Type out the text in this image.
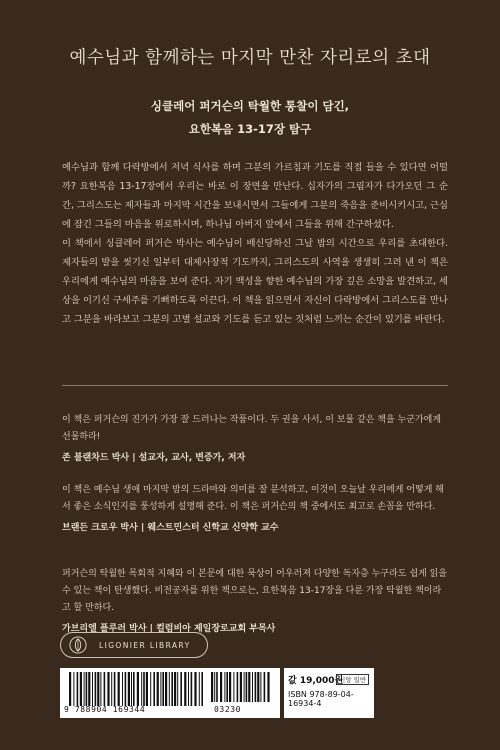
예수님과 함께하는 마지막 만찬 자리로의 초대
싱클레어 퍼거슨의 탁월한 통찰이 담긴,
요한복음 13-17장 탐구

예수님과 함께 다락방에서 저녁 식사를 하며 그분의 가르침과 기도를 직접 들을 수 있다면 어떨까? 요한복음 13-17장에서 우리는 바로 이 장면을 만난다. 십자가의 그림자가 다가오던 그 순간, 그리스도는 제자들과 마지막 시간을 보내시면서 그들에게 그분의 죽음을 준비시키시고, 근심에 잠긴 그들의 마음을 위로하시며, 하나님 아버지 앞에서 그들을 위해 간구하셨다.

이 책에서 싱클레어 퍼거슨 박사는 예수님이 배신당하신 그날 밤의 시간으로 우리를 초대한다. 제자들의 발을 씻기신 일부터 대제사장적 기도까지, 그리스도의 사역을 생생히 그려 낸 이 책은 우리에게 예수님의 마음을 보여 준다. 자기 백성을 향한 예수님의 가장 깊은 소망을 발견하고, 세상을 이기신 구세주를 기뻐하도록 이끈다. 이 책을 읽으면서 자신이 다락방에서 그리스도를 만나고 그분을 바라보고 그분의 고별 설교와 기도를 듣고 있는 것처럼 느끼는 순간이 있기를 바란다.

이 책은 퍼거슨의 진가가 가장 잘 드러나는 작품이다. 두 권을 사서, 이 보물 같은 책을 누군가에게 선물하라!

존 블랜차드 박사 | 설교자, 교사, 변증가, 저자

이 책은 예수님 생애 마지막 밤의 드라마와 의미를 잘 분석하고, 이것이 오늘날 우리에게 어떻게 해서 좋은 소식인지를 풍성하게 설명해 준다. 이 책은 퍼거슨의 책 중에서도 최고로 손꼽을 만하다.

브랜든 크로우 박사 | 웨스트민스터 신학교 신약학 교수

퍼거슨의 탁월한 목회적 지혜와 이 본문에 대한 묵상이 어우러져 다양한 독자층 누구라도 쉽게 읽을 수 있는 책이 탄생했다. 비전공자를 위한 책으로는, 요한복음 13-17장을 다룬 가장 탁월한 책이라고 할 만하다.

가브리엘 플루러 박사 | 컬럼비아 제일장로교회 부목사

LIGONIER LIBRARY
9 788904 169344	03230
값 19,000원
신앙 일반
ISBN 978-89-04-16934-4
